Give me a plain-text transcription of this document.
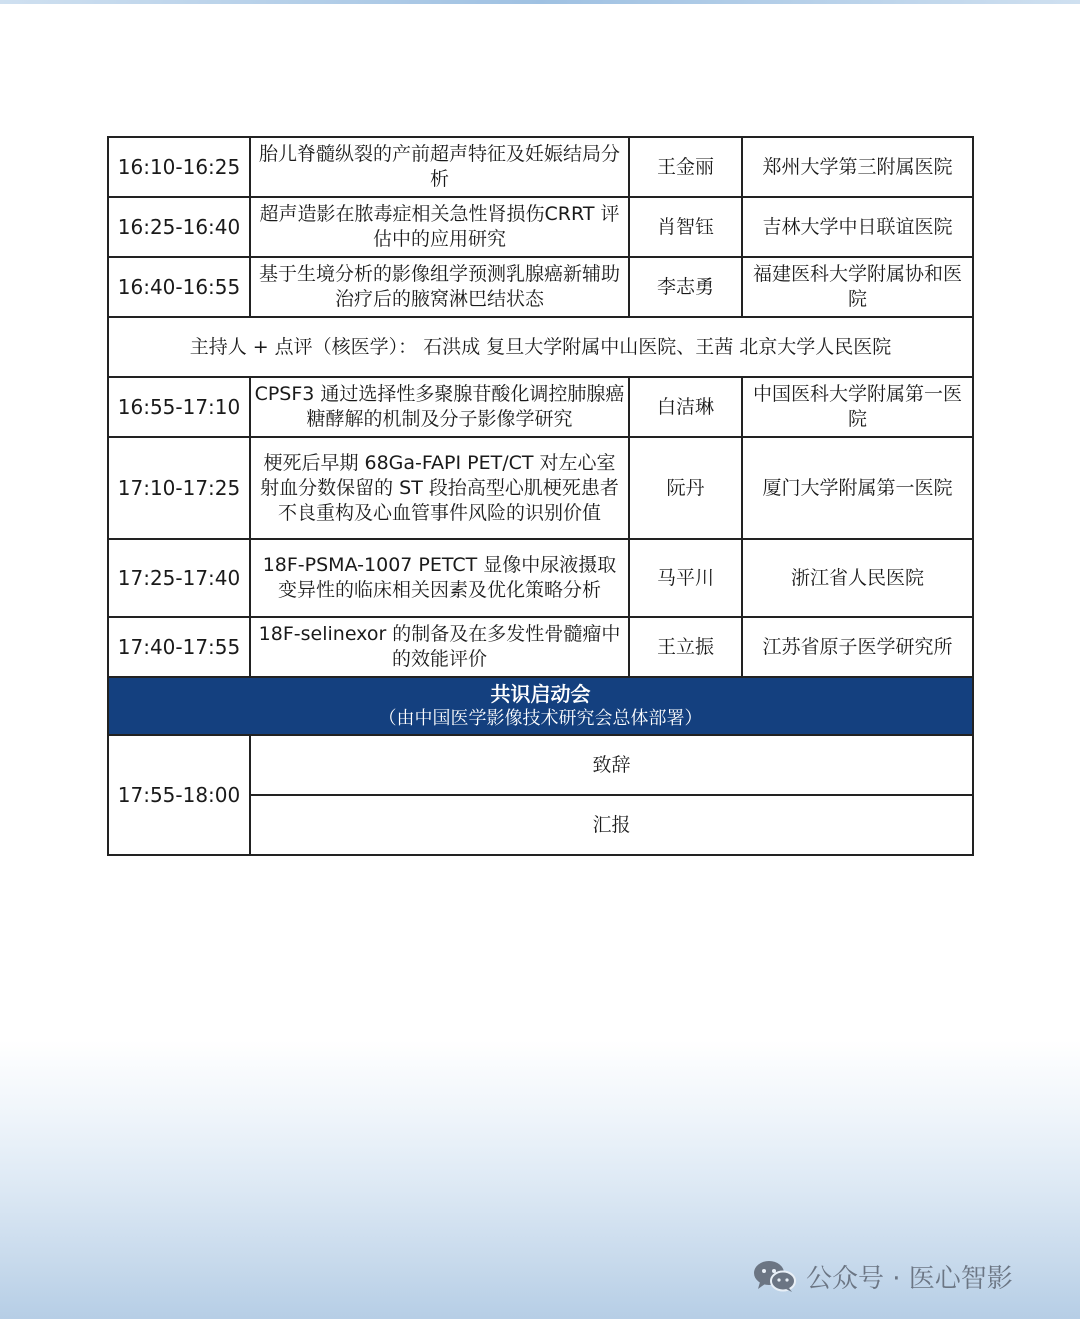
16:10-16:25	胎儿脊髓纵裂的产前超声特征及妊娠结局分析	王金丽	郑州大学第三附属医院
16:25-16:40	超声造影在脓毒症相关急性肾损伤CRRT 评估中的应用研究	肖智钰	吉林大学中日联谊医院
16:40-16:55	基于生境分析的影像组学预测乳腺癌新辅助治疗后的腋窝淋巴结状态	李志勇	福建医科大学附属协和医院
主持人 + 点评（核医学）： 石洪成 复旦大学附属中山医院、王茜 北京大学人民医院			
16:55-17:10	CPSF3 通过选择性多聚腺苷酸化调控肺腺癌糖酵解的机制及分子影像学研究	白洁琳	中国医科大学附属第一医院
17:10-17:25	梗死后早期 68Ga-FAPI PET/CT 对左心室射血分数保留的 ST 段抬高型心肌梗死患者不良重构及心血管事件风险的识别价值	阮丹	厦门大学附属第一医院
17:25-17:40	18F-PSMA-1007 PETCT 显像中尿液摄取变异性的临床相关因素及优化策略分析	马平川	浙江省人民医院
17:40-17:55	18F-selinexor 的制备及在多发性骨髓瘤中的效能评价	王立振	江苏省原子医学研究所

共识启动会
（由中国医学影像技术研究会总体部署）			

17:55-18:00	致辞		
	汇报		
公众号 · 医心智影
